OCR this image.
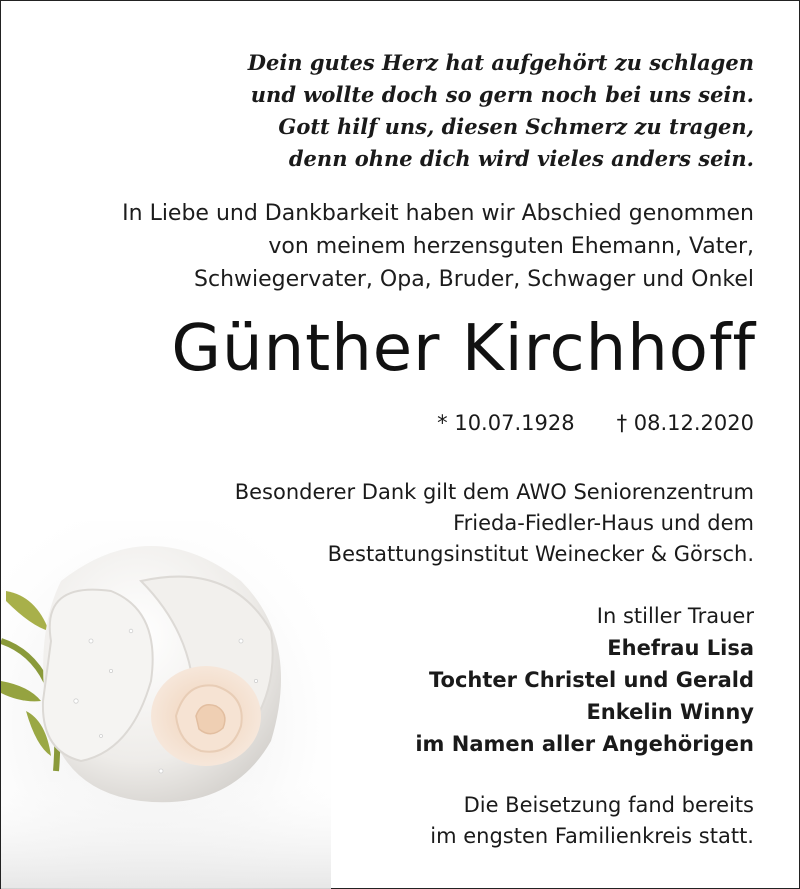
Dein gutes Herz hat aufgehört zu schlagen
und wollte doch so gern noch bei uns sein.
Gott hilf uns, diesen Schmerz zu tragen,
denn ohne dich wird vieles anders sein.
In Liebe und Dankbarkeit haben wir Abschied genommen
von meinem herzensguten Ehemann, Vater,
Schwiegervater, Opa, Bruder, Schwager und Onkel
Günther Kirchhoff
* 10.07.1928 † 08.12.2020
Besonderer Dank gilt dem AWO Seniorenzentrum
Frieda-Fiedler-Haus und dem
Bestattungsinstitut Weinecker & Görsch.
In stiller Trauer
Ehefrau Lisa
Tochter Christel und Gerald
Enkelin Winny
im Namen aller Angehörigen
Die Beisetzung fand bereits
im engsten Familienkreis statt.
